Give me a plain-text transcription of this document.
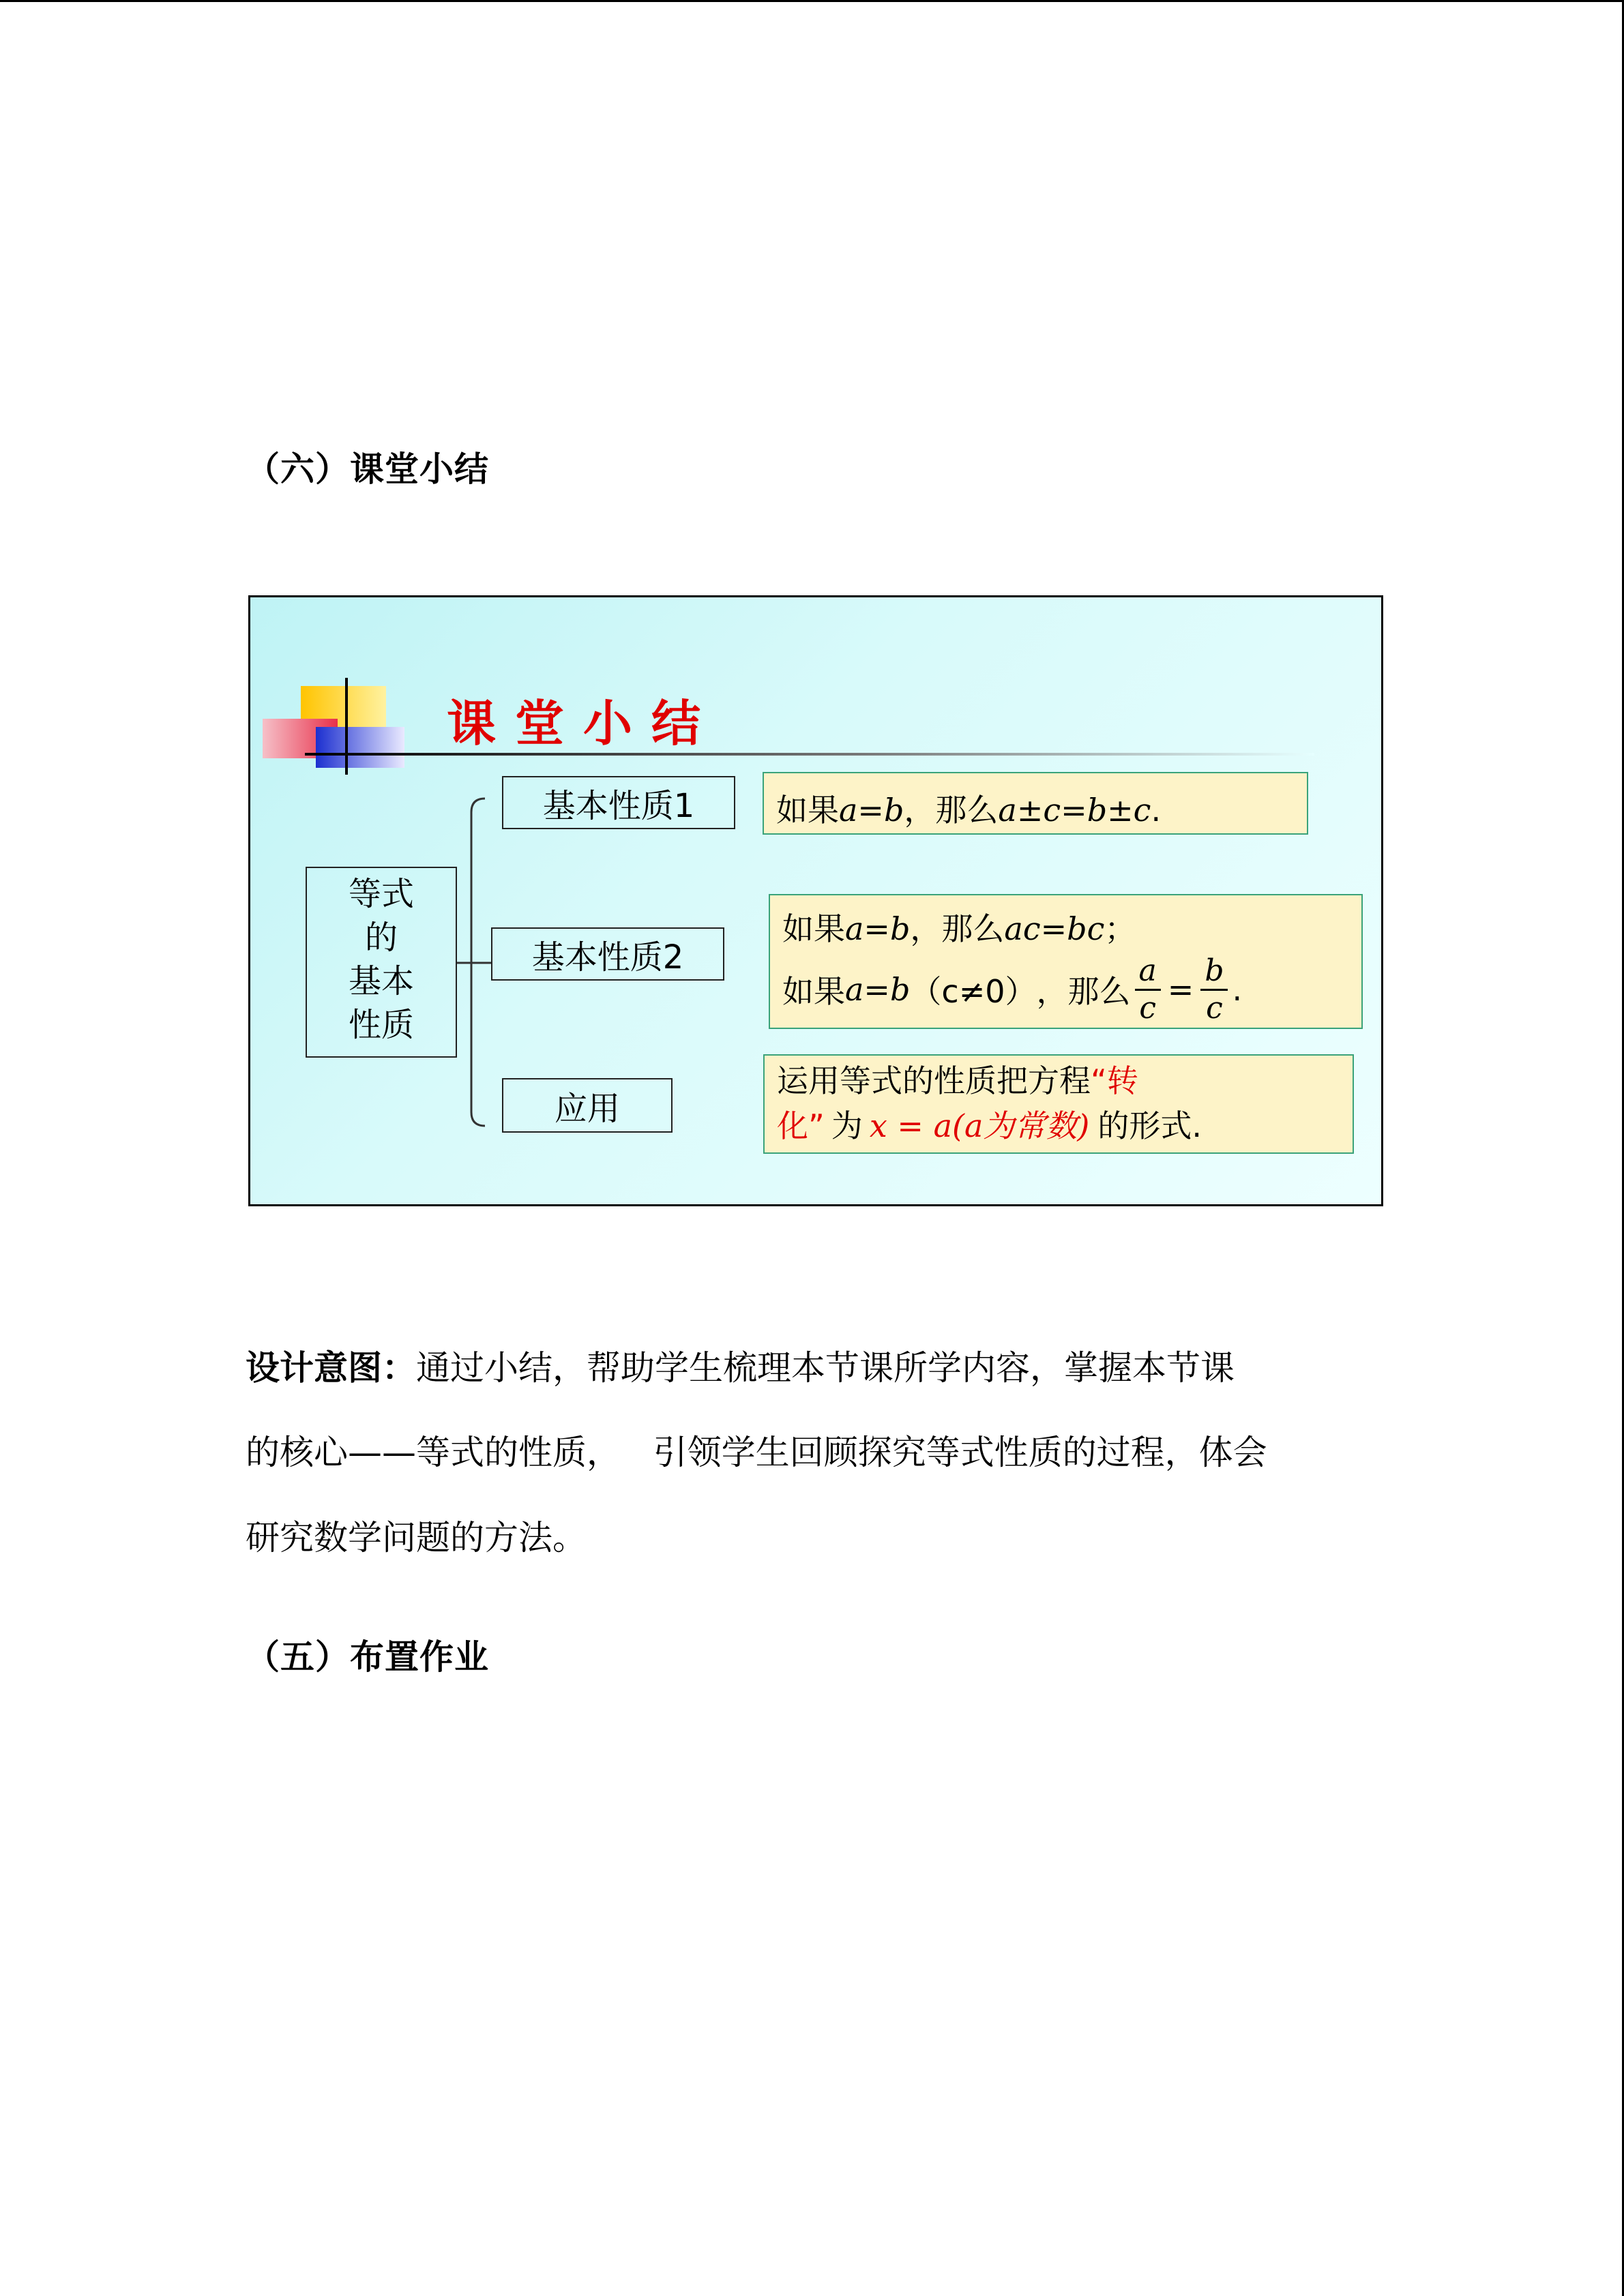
（六）课堂小结
课堂小结
等式
的
基本
性质
基本性质1
基本性质2
应用
如果a=b，那么a±c=b±c.
如果a=b，那么ac=bc；
如果 a=b （c≠0） ，那么 $\frac{a}{c} = \frac{b}{c}$ .
运用等式的性质把方程“转
化” 为 x = a(a为常数) 的形式.
设计意图：通过小结，帮助学生梳理本节课所学内容，掌握本节课
的核心——等式的性质，   引领学生回顾探究等式性质的过程，体会
研究数学问题的方法。
（五）布置作业
